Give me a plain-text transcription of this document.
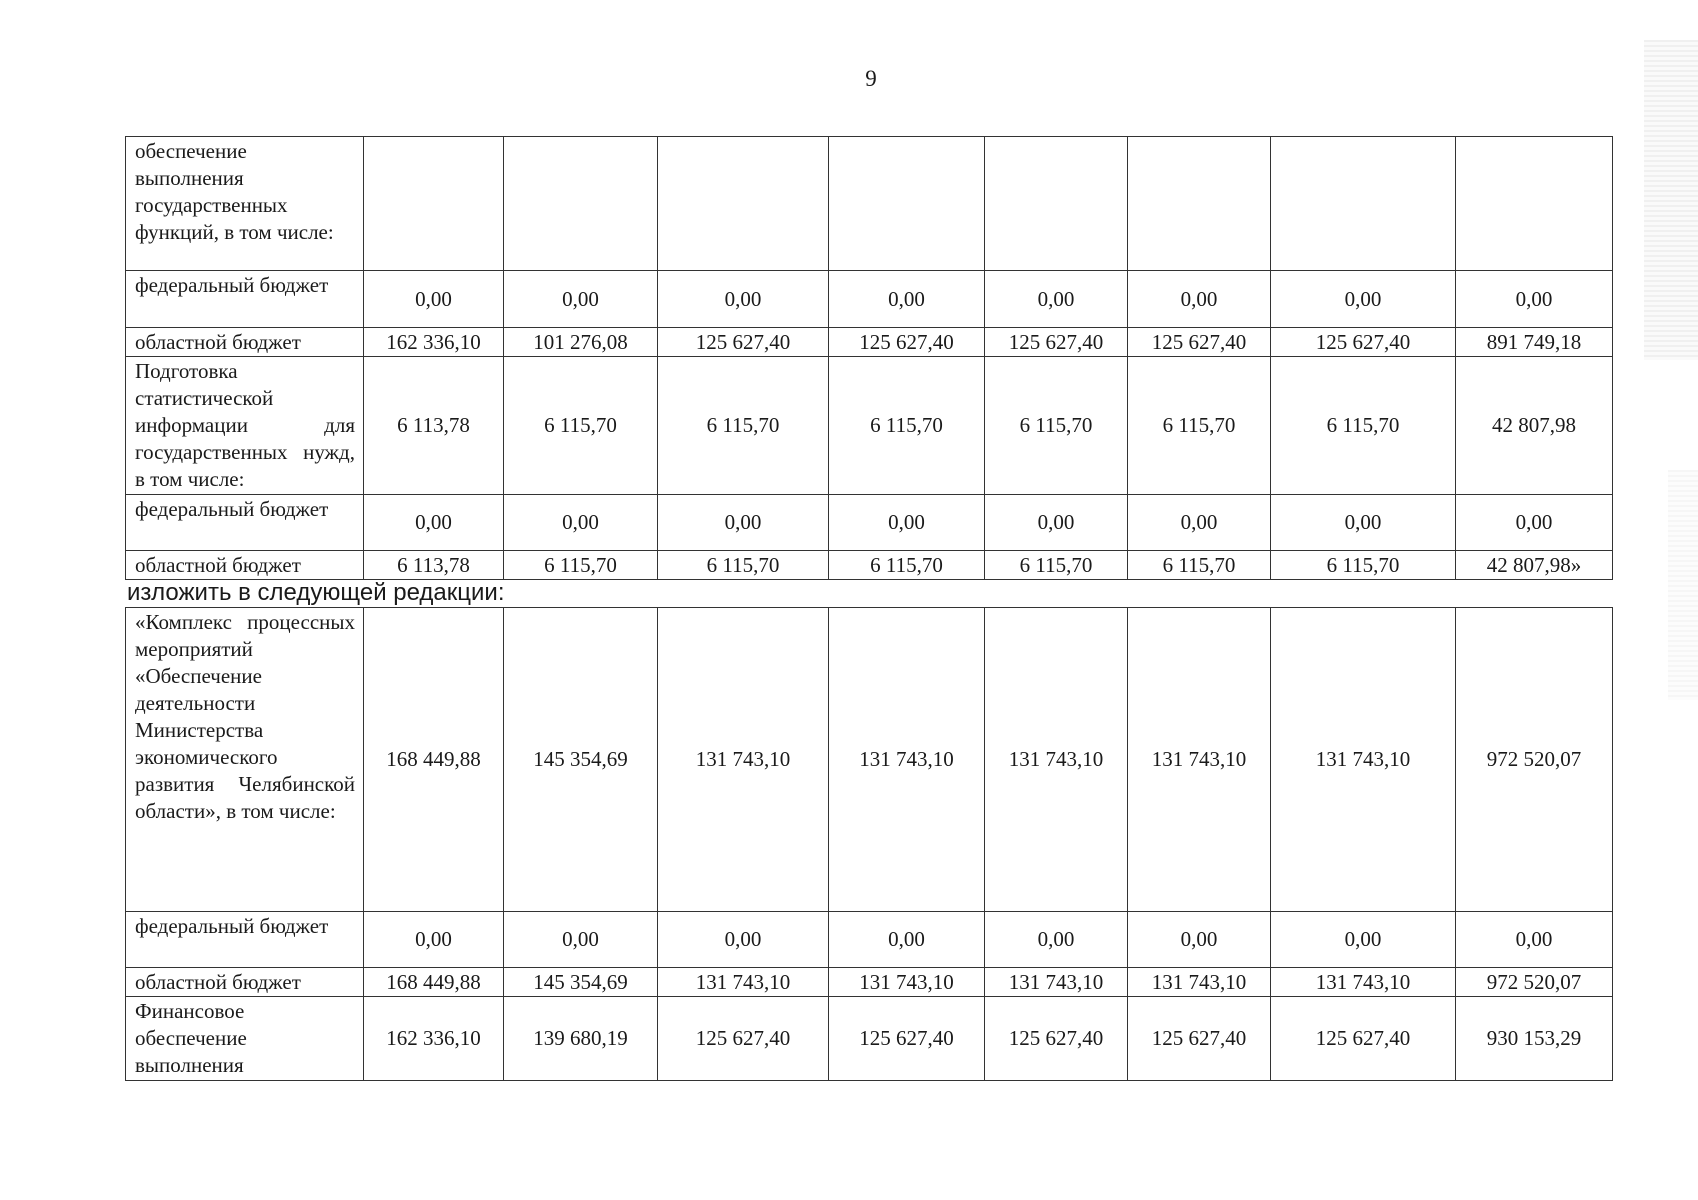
9
обеспечение выполнения государственных функций, в том числе:								
федеральный бюджет	0,00	0,00	0,00	0,00	0,00	0,00	0,00	0,00
областной бюджет	162 336,10	101 276,08	125 627,40	125 627,40	125 627,40	125 627,40	125 627,40	891 749,18
Подготовка статистической информации для государственных нужд, в том числе:	6 113,78	6 115,70	6 115,70	6 115,70	6 115,70	6 115,70	6 115,70	42 807,98
федеральный бюджет	0,00	0,00	0,00	0,00	0,00	0,00	0,00	0,00
областной бюджет	6 113,78	6 115,70	6 115,70	6 115,70	6 115,70	6 115,70	6 115,70	42 807,98»
изложить в следующей редакции:
«Комплекс процессных мероприятий «Обеспечение деятельности Министерства экономического развития Челябинской области», в том числе:	168 449,88	145 354,69	131 743,10	131 743,10	131 743,10	131 743,10	131 743,10	972 520,07
федеральный бюджет	0,00	0,00	0,00	0,00	0,00	0,00	0,00	0,00
областной бюджет	168 449,88	145 354,69	131 743,10	131 743,10	131 743,10	131 743,10	131 743,10	972 520,07
Финансовое обеспечение выполнения	162 336,10	139 680,19	125 627,40	125 627,40	125 627,40	125 627,40	125 627,40	930 153,29
